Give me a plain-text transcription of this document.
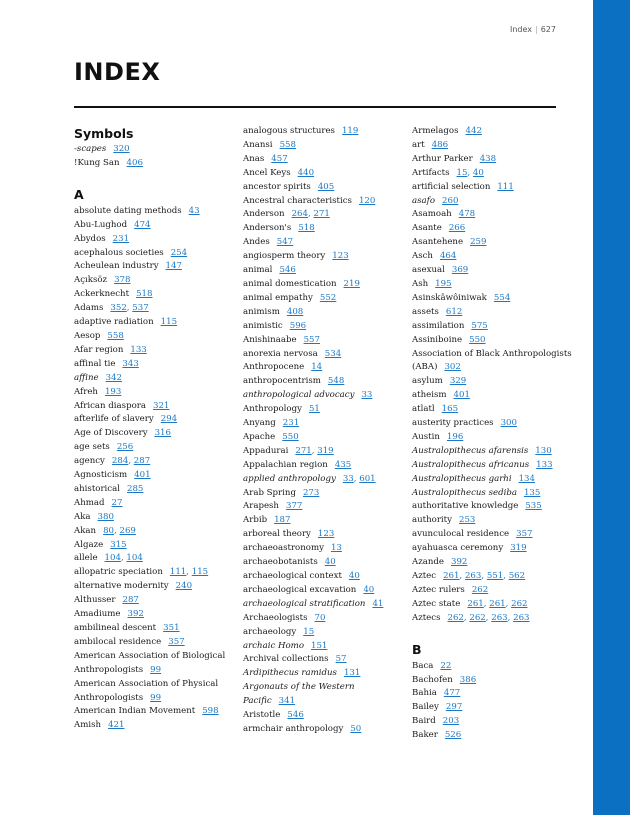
Index | 627
INDEX
Symbols
-scapes 320
!Kung San 406
A
absolute dating methods 43
Abu-Lughod 474
Abydos 231
acephalous societies 254
Acheulean industry 147
Açıksöz 378
Ackerknecht 518
Adams 352, 537
adaptive radiation 115
Aesop 558
Afar region 133
affinal tie 343
affine 342
Afreh 193
African diaspora 321
afterlife of slavery 294
Age of Discovery 316
age sets 256
agency 284, 287
Agnosticism 401
ahistorical 285
Ahmad 27
Aka 380
Akan 80, 269
Algaze 315
allele 104, 104
allopatric speciation 111, 115
alternative modernity 240
Althusser 287
Amadiume 392
ambilineal descent 351
ambilocal residence 357
American Association of Biological Anthropologists 99
American Association of Physical Anthropologists 99
American Indian Movement 598
Amish 421
analogous structures 119
Anansi 558
Anas 457
Ancel Keys 440
ancestor spirits 405
Ancestral characteristics 120
Anderson 264, 271
Anderson's 518
Andes 547
angiosperm theory 123
animal 546
animal domestication 219
animal empathy 552
animism 408
animistic 596
Anishinaabe 557
anorexia nervosa 534
Anthropocene 14
anthropocentrism 548
anthropological advocacy 33
Anthropology 51
Anyang 231
Apache 550
Appadurai 271, 319
Appalachian region 435
applied anthropology 33, 601
Arab Spring 273
Arapesh 377
Arbib 187
arboreal theory 123
archaeoastronomy 13
archaeobotanists 40
archaeological context 40
archaeological excavation 40
archaeological stratification 41
Archaeologists 70
archaeology 15
archaic Homo 151
Archival collections 57
Ardipithecus ramidus 131
Argonauts of the Western Pacific 341
Aristotle 546
armchair anthropology 50
Armelagos 442
art 486
Arthur Parker 438
Artifacts 15, 40
artificial selection 111
asafo 260
Asamoah 478
Asante 266
Asantehene 259
Asch 464
asexual 369
Ash 195
Asinskâwôiniwak 554
assets 612
assimilation 575
Assiniboine 550
Association of Black Anthropologists (ABA) 302
asylum 329
atheism 401
atlatl 165
austerity practices 300
Austin 196
Australopithecus afarensis 130
Australopithecus africanus 133
Australopithecus garhi 134
Australopithecus sediba 135
authoritative knowledge 535
authority 253
avunculocal residence 357
ayahuasca ceremony 319
Azande 392
Aztec 261, 263, 551, 562
Aztec rulers 262
Aztec state 261, 261, 262
Aztecs 262, 262, 263, 263
B
Baca 22
Bachofen 386
Bahia 477
Bailey 297
Baird 203
Baker 526
